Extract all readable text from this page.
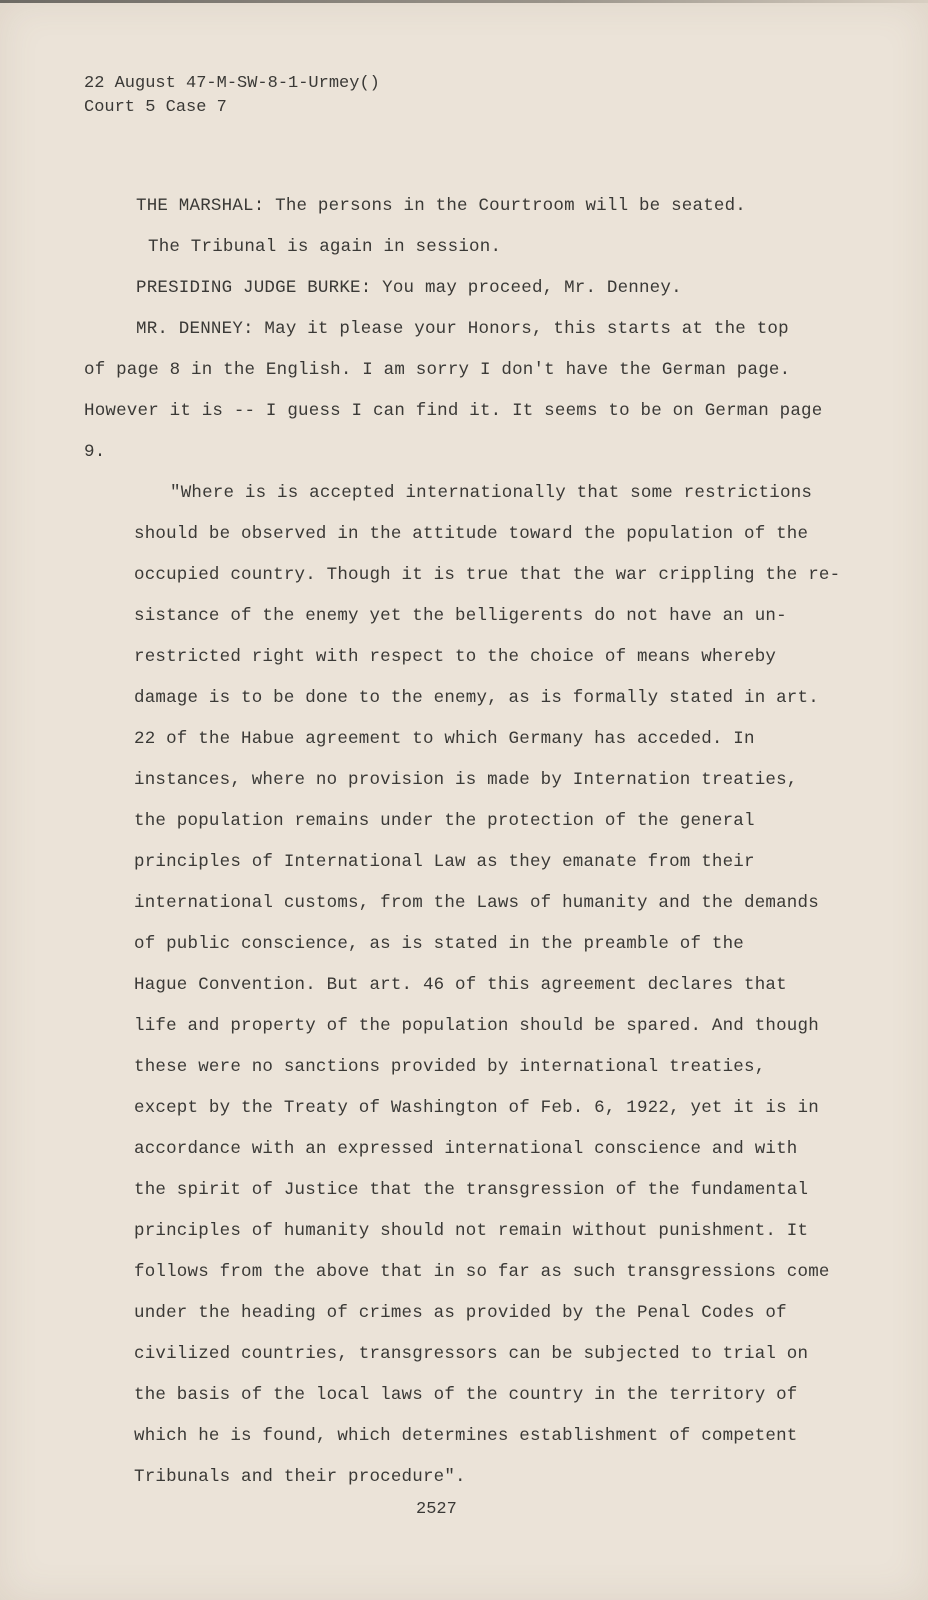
22 August 47-M-SW-8-1-Urmey()
Court 5 Case 7
THE MARSHAL: The persons in the Courtroom will be seated.
The Tribunal is again in session.
PRESIDING JUDGE BURKE: You may proceed, Mr. Denney.
MR. DENNEY: May it please your Honors, this starts at the top
of page 8 in the English. I am sorry I don't have the German page.
However it is -- I guess I can find it. It seems to be on German page
9.
"Where is is accepted internationally that some restrictions
should be observed in the attitude toward the population of the
occupied country. Though it is true that the war crippling the re-
sistance of the enemy yet the belligerents do not have an un-
restricted right with respect to the choice of means whereby
damage is to be done to the enemy, as is formally stated in art.
22 of the Habue agreement to which Germany has acceded. In
instances, where no provision is made by Internation treaties,
the population remains under the protection of the general
principles of International Law as they emanate from their
international customs, from the Laws of humanity and the demands
of public conscience, as is stated in the preamble of the
Hague Convention. But art. 46 of this agreement declares that
life and property of the population should be spared. And though
these were no sanctions provided by international treaties,
except by the Treaty of Washington of Feb. 6, 1922, yet it is in
accordance with an expressed international conscience and with
the spirit of Justice that the transgression of the fundamental
principles of humanity should not remain without punishment. It
follows from the above that in so far as such transgressions come
under the heading of crimes as provided by the Penal Codes of
civilized countries, transgressors can be subjected to trial on
the basis of the local laws of the country in the territory of
which he is found, which determines establishment of competent
Tribunals and their procedure".
2527
